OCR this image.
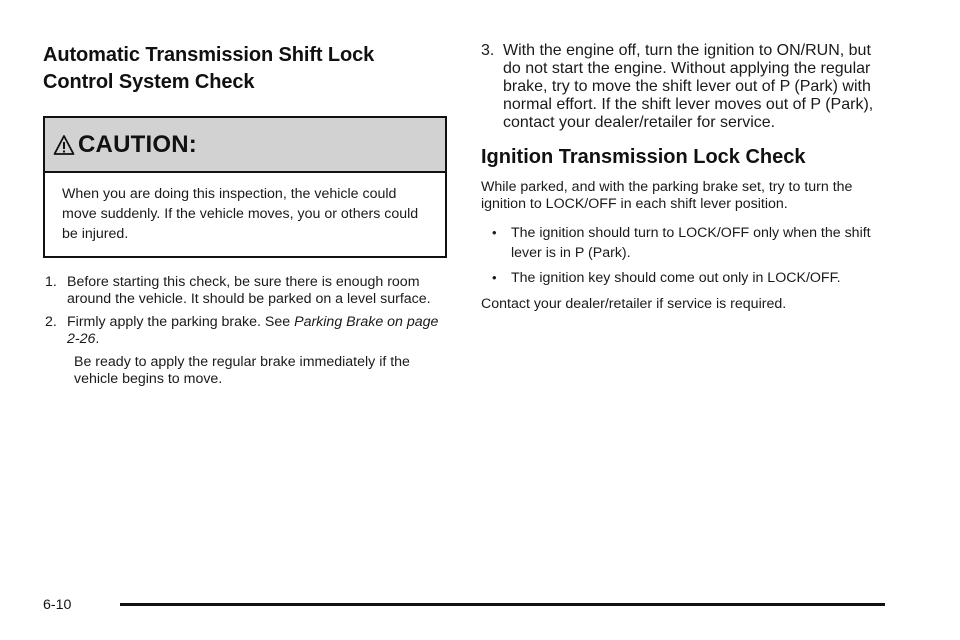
Automatic Transmission Shift Lock
Control System Check
CAUTION:
When you are doing this inspection, the vehicle could move suddenly. If the vehicle moves, you or others could be injured.
1. Before starting this check, be sure there is enough room around the vehicle. It should be parked on a level surface.
2. Firmly apply the parking brake. See Parking Brake on page 2-26.
Be ready to apply the regular brake immediately if the vehicle begins to move.
3. With the engine off, turn the ignition to ON/RUN, but do not start the engine. Without applying the regular brake, try to move the shift lever out of P (Park) with normal effort. If the shift lever moves out of P (Park), contact your dealer/retailer for service.
Ignition Transmission Lock Check

While parked, and with the parking brake set, try to turn the ignition to LOCK/OFF in each shift lever position.

•	The ignition should turn to LOCK/OFF only when the shift lever is in P (Park).
•	The ignition key should come out only in LOCK/OFF.

Contact your dealer/retailer if service is required.

6-10
